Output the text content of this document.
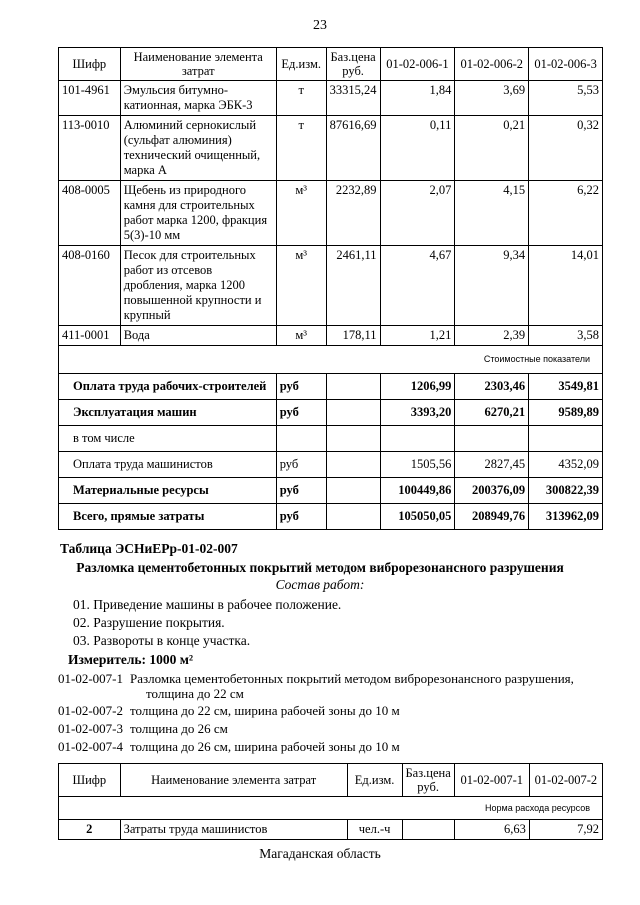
23
Шифр	Наименование элемента затрат	Ед.изм.	Баз.цена руб.	01-02-006-1	01-02-006-2	01-02-006-3
101-4961	Эмульсия битумно-катионная, марка ЭБК-3	т	33315,24	1,84	3,69	5,53
113-0010	Алюминий сернокислый (сульфат алюминия) технический очищенный, марка А	т	87616,69	0,11	0,21	0,32
408-0005	Щебень из природного камня для строительных работ марка 1200, фракция 5(3)-10 мм	м³	2232,89	2,07	4,15	6,22
408-0160	Песок для строительных работ из отсевов дробления, марка 1200 повышенной крупности и крупный	м³	2461,11	4,67	9,34	14,01
411-0001	Вода	м³	178,11	1,21	2,39	3,58
Стоимостные показатели						
Оплата труда рабочих-строителей		руб		1206,99	2303,46	3549,81
Эксплуатация машин		руб		3393,20	6270,21	9589,89
в том числе						
Оплата труда машинистов		руб		1505,56	2827,45	4352,09
Материальные ресурсы		руб		100449,86	200376,09	300822,39
Всего, прямые затраты		руб		105050,05	208949,76	313962,09
Таблица ЭСНиЕРр-01-02-007
Разломка цементобетонных покрытий методом виброрезонансного разрушения
Состав работ:
01. Приведение машины в рабочее положение.
02. Разрушение покрытия.
03. Развороты в конце участка.
Измеритель: 1000 м²
01-02-007-1 Разломка цементобетонных покрытий методом виброрезонансного разрушения,
толщина до 22 см
01-02-007-2 толщина до 22 см, ширина рабочей зоны до 10 м
01-02-007-3 толщина до 26 см
01-02-007-4 толщина до 26 см, ширина рабочей зоны до 10 м
Шифр	Наименование элемента затрат	Ед.изм.	Баз.цена руб.	01-02-007-1	01-02-007-2
Норма расхода ресурсов					
2	Затраты труда машинистов	чел.-ч		6,63	7,92
Магаданская область
